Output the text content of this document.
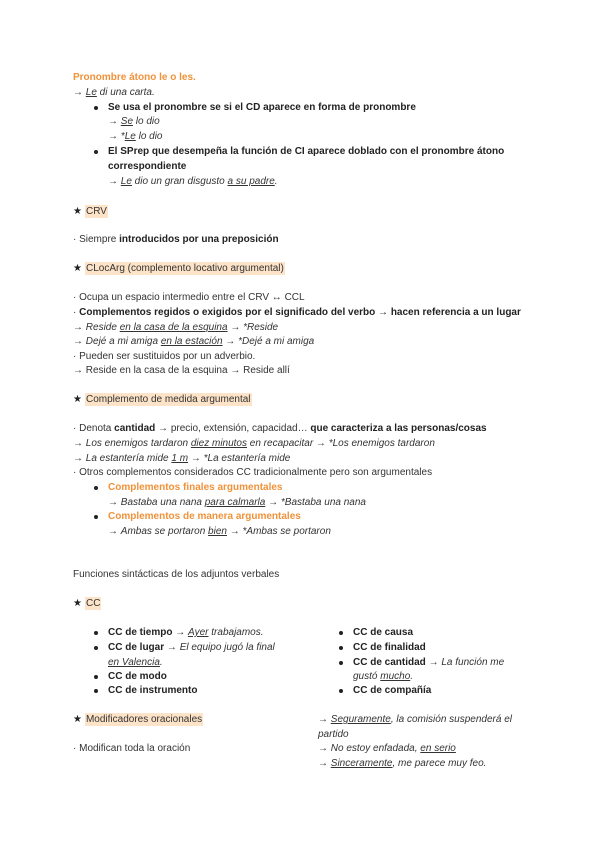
Pronombre átono le o les.
→ Le di una carta.
Se usa el pronombre se si el CD aparece en forma de pronombre
→ Se lo dio
→ *Le lo dio
El SPrep que desempeña la función de CI aparece doblado con el pronombre átono
correspondiente
→ Le dio un gran disgusto a su padre.
★ CRV
· Siempre introducidos por una preposición
★ CLocArg (complemento locativo argumental)
· Ocupa un espacio intermedio entre el CRV ↔ CCL
· Complementos regidos o exigidos por el significado del verbo → hacen referencia a un lugar
→ Reside en la casa de la esquina → *Reside
→ Dejé a mi amiga en la estación → *Dejé a mi amiga
· Pueden ser sustituidos por un adverbio.
→ Reside en la casa de la esquina → Reside allí
★ Complemento de medida argumental
· Denota cantidad → precio, extensión, capacidad… que caracteriza a las personas/cosas
→ Los enemigos tardaron diez minutos en recapacitar → *Los enemigos tardaron
→ La estantería mide 1 m → *La estantería mide
· Otros complementos considerados CC tradicionalmente pero son argumentales
Complementos finales argumentales
→ Bastaba una nana para calmarla → *Bastaba una nana
Complementos de manera argumentales
→ Ambas se portaron bien → *Ambas se portaron
Funciones sintácticas de los adjuntos verbales
★ CC
CC de tiempo → Ayer trabajamos.
CC de lugar → El equipo jugó la final
en Valencia.
CC de modo
CC de instrumento
★ Modificadores oracionales
· Modifican toda la oración
CC de causa
CC de finalidad
CC de cantidad → La función me
gustó mucho.
CC de compañía
→ Seguramente, la comisión suspenderá el
partido
→ No estoy enfadada, en serio
→ Sinceramente, me parece muy feo.
